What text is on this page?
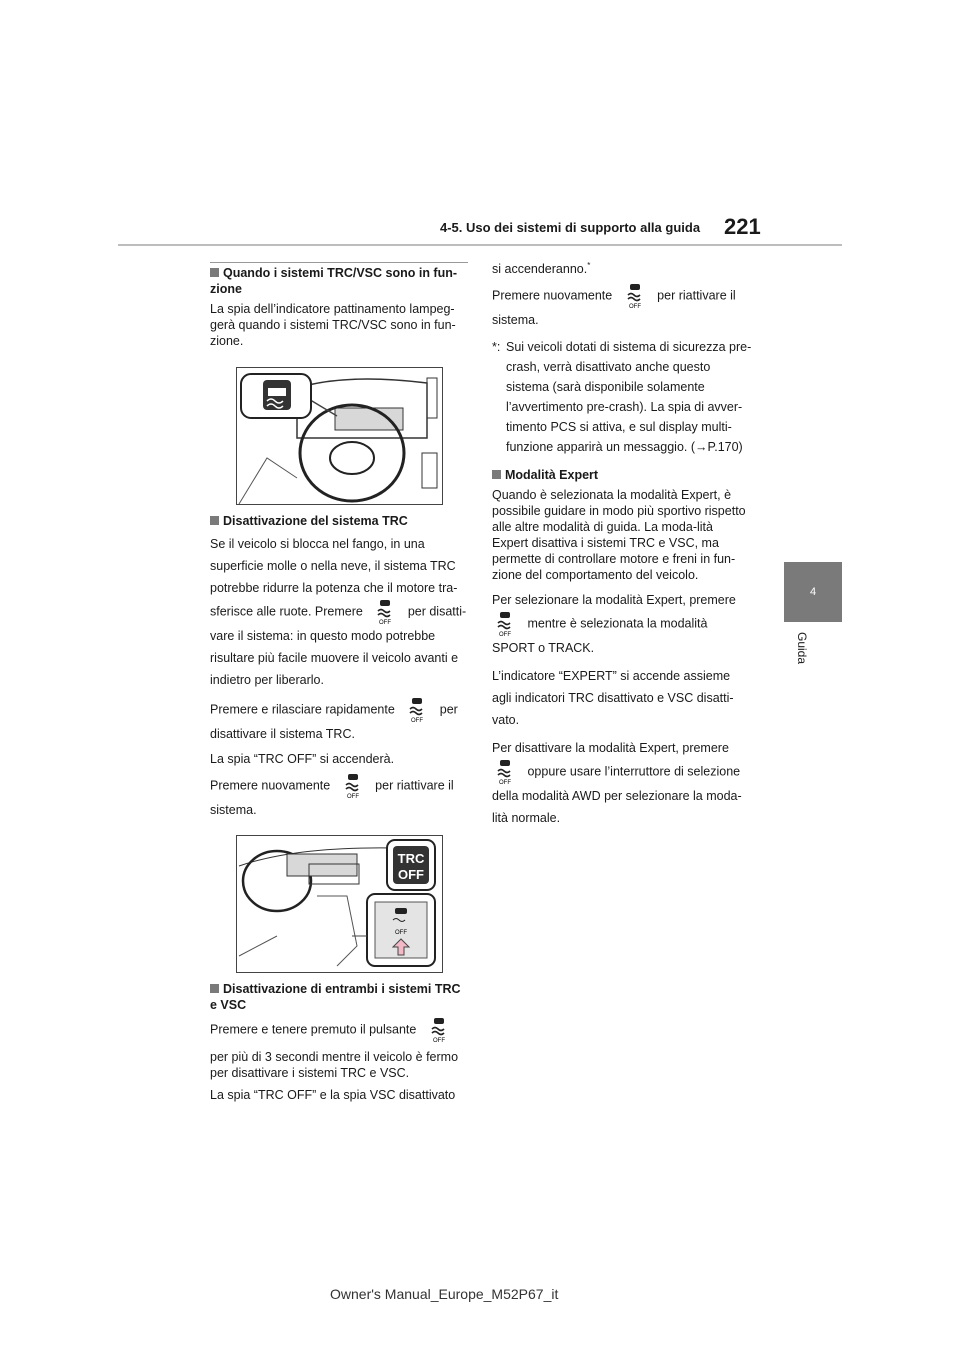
4-5. Uso dei sistemi di supporto alla guida 221
4
Guida
Quando i sistemi TRC/VSC sono in fun-zione

La spia dell’indicatore pattinamento lampeg-gerà quando i sistemi TRC/VSC sono in fun-zione.

Disattivazione del sistema TRC

Se il veicolo si blocca nel fango, in una superficie molle o nella neve, il sistema TRC potrebbe ridurre la potenza che il motore tra-sferisce alle ruote. Premere
OFF
per disatti-vare il sistema: in questo modo potrebbe risultare più facile muovere il veicolo avanti e indietro per liberarlo.

Premere e rilasciare rapidamente
OFF
per disattivare il sistema TRC.

La spia “TRC OFF” si accenderà.

Premere nuovamente
OFF
per riattivare il sistema.

TRC
OFF
OFF
Disattivazione di entrambi i sistemi TRC e VSC

Premere e tenere premuto il pulsante
OFF

per più di 3 secondi mentre il veicolo è fermo per disattivare i sistemi TRC e VSC.

La spia “TRC OFF” e la spia VSC disattivato

si accenderanno.*

Premere nuovamente
OFF
per riattivare il sistema.

*: Sui veicoli dotati di sistema di sicurezza pre-crash, verrà disattivato anche questo sistema (sarà disponibile solamente l’avvertimento pre-crash). La spia di avver-timento PCS si attiva, e sul display multi-funzione apparirà un messaggio. (→P.170)

Modalità Expert

Quando è selezionata la modalità Expert, è possibile guidare in modo più sportivo rispetto alle altre modalità di guida. La moda-lità Expert disattiva i sistemi TRC e VSC, ma permette di controllare motore e freni in fun-zione del comportamento del veicolo.

Per selezionare la modalità Expert, premere

OFF
mentre è selezionata la modalità SPORT o TRACK.

L’indicatore “EXPERT” si accende assieme agli indicatori TRC disattivato e VSC disatti-vato.

Per disattivare la modalità Expert, premere

OFF
oppure usare l’interruttore di selezione della modalità AWD per selezionare la moda-lità normale.

Owner's Manual_Europe_M52P67_it
